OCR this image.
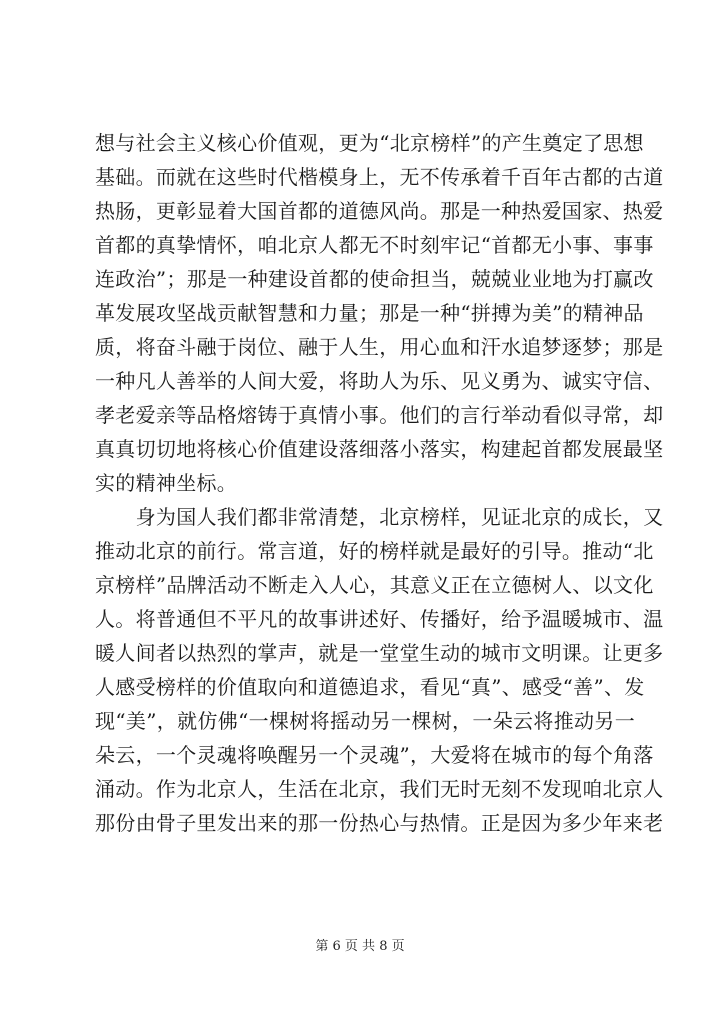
想与社会主义核心价值观，更为“北京榜样”的产生奠定了思想
基础。而就在这些时代楷模身上，无不传承着千百年古都的古道
热肠，更彰显着大国首都的道德风尚。那是一种热爱国家、热爱
首都的真挚情怀，咱北京人都无不时刻牢记“首都无小事、事事
连政治”；那是一种建设首都的使命担当，兢兢业业地为打赢改
革发展攻坚战贡献智慧和力量；那是一种“拼搏为美”的精神品
质，将奋斗融于岗位、融于人生，用心血和汗水追梦逐梦；那是
一种凡人善举的人间大爱，将助人为乐、见义勇为、诚实守信、
孝老爱亲等品格熔铸于真情小事。他们的言行举动看似寻常，却
真真切切地将核心价值建设落细落小落实，构建起首都发展最坚
实的精神坐标。
　　身为国人我们都非常清楚，北京榜样，见证北京的成长，又
推动北京的前行。常言道，好的榜样就是最好的引导。推动“北
京榜样”品牌活动不断走入人心，其意义正在立德树人、以文化
人。将普通但不平凡的故事讲述好、传播好，给予温暖城市、温
暖人间者以热烈的掌声，就是一堂堂生动的城市文明课。让更多
人感受榜样的价值取向和道德追求，看见“真”、感受“善”、发
现“美”，就仿佛“一棵树将摇动另一棵树，一朵云将推动另一
朵云，一个灵魂将唤醒另一个灵魂”，大爱将在城市的每个角落
涌动。作为北京人，生活在北京，我们无时无刻不发现咱北京人
那份由骨子里发出来的那一份热心与热情。正是因为多少年来老
第 6 页 共 8 页
